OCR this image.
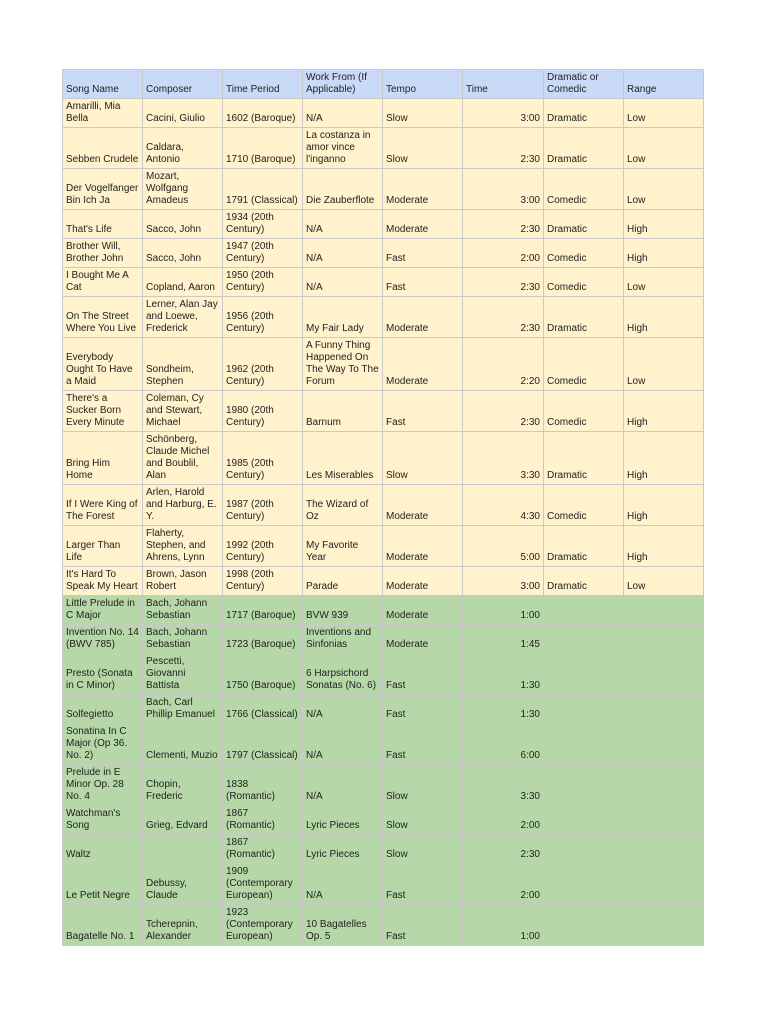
Song Name	Composer	Time Period	Work From (If Applicable)	Tempo	Time	Dramatic or Comedic	Range
Amarilli, Mia Bella	Cacini, Giulio	1602 (Baroque)	N/A	Slow	3:00	Dramatic	Low
Sebben Crudele	Caldara, Antonio	1710 (Baroque)	La costanza in amor vince l'inganno	Slow	2:30	Dramatic	Low
Der Vogelfanger Bin Ich Ja	Mozart, Wolfgang Amadeus	1791 (Classical)	Die Zauberflote	Moderate	3:00	Comedic	Low
That's Life	Sacco, John	1934 (20th Century)	N/A	Moderate	2:30	Dramatic	High
Brother Will, Brother John	Sacco, John	1947 (20th Century)	N/A	Fast	2:00	Comedic	High
I Bought Me A Cat	Copland, Aaron	1950 (20th Century)	N/A	Fast	2:30	Comedic	Low
On The Street Where You Live	Lerner, Alan Jay and Loewe, Frederick	1956 (20th Century)	My Fair Lady	Moderate	2:30	Dramatic	High
Everybody Ought To Have a Maid	Sondheim, Stephen	1962 (20th Century)	A Funny Thing Happened On The Way To The Forum	Moderate	2:20	Comedic	Low
There's a Sucker Born Every Minute	Coleman, Cy and Stewart, Michael	1980 (20th Century)	Barnum	Fast	2:30	Comedic	High
Bring Him Home	Schönberg, Claude Michel and Boublil, Alan	1985 (20th Century)	Les Miserables	Slow	3:30	Dramatic	High
If I Were King of The Forest	Arlen, Harold and Harburg, E. Y.	1987 (20th Century)	The Wizard of Oz	Moderate	4:30	Comedic	High
Larger Than Life	Flaherty, Stephen, and Ahrens, Lynn	1992 (20th Century)	My Favorite Year	Moderate	5:00	Dramatic	High
It's Hard To Speak My Heart	Brown, Jason Robert	1998 (20th Century)	Parade	Moderate	3:00	Dramatic	Low
Little Prelude in C Major	Bach, Johann Sebastian	1717 (Baroque)	BVW 939	Moderate	1:00		
Invention No. 14 (BWV 785)	Bach, Johann Sebastian	1723 (Baroque)	Inventions and Sinfonias	Moderate	1:45		
Presto (Sonata in C Minor)	Pescetti, Giovanni Battista	1750 (Baroque)	6 Harpsichord Sonatas (No. 6)	Fast	1:30		
Solfegietto	Bach, Carl Phillip Emanuel	1766 (Classical)	N/A	Fast	1:30		
Sonatina In C Major (Op 36. No. 2)	Clementi, Muzio	1797 (Classical)	N/A	Fast	6:00		
Prelude in E Minor Op. 28 No. 4	Chopin, Frederic	1838 (Romantic)	N/A	Slow	3:30		
Watchman's Song	Grieg, Edvard	1867 (Romantic)	Lyric Pieces	Slow	2:00		
Waltz		1867 (Romantic)	Lyric Pieces	Slow	2:30		
Le Petit Negre	Debussy, Claude	1909 (Contemporary European)	N/A	Fast	2:00		
Bagatelle No. 1	Tcherepnin, Alexander	1923 (Contemporary European)	10 Bagatelles Op. 5	Fast	1:00		
